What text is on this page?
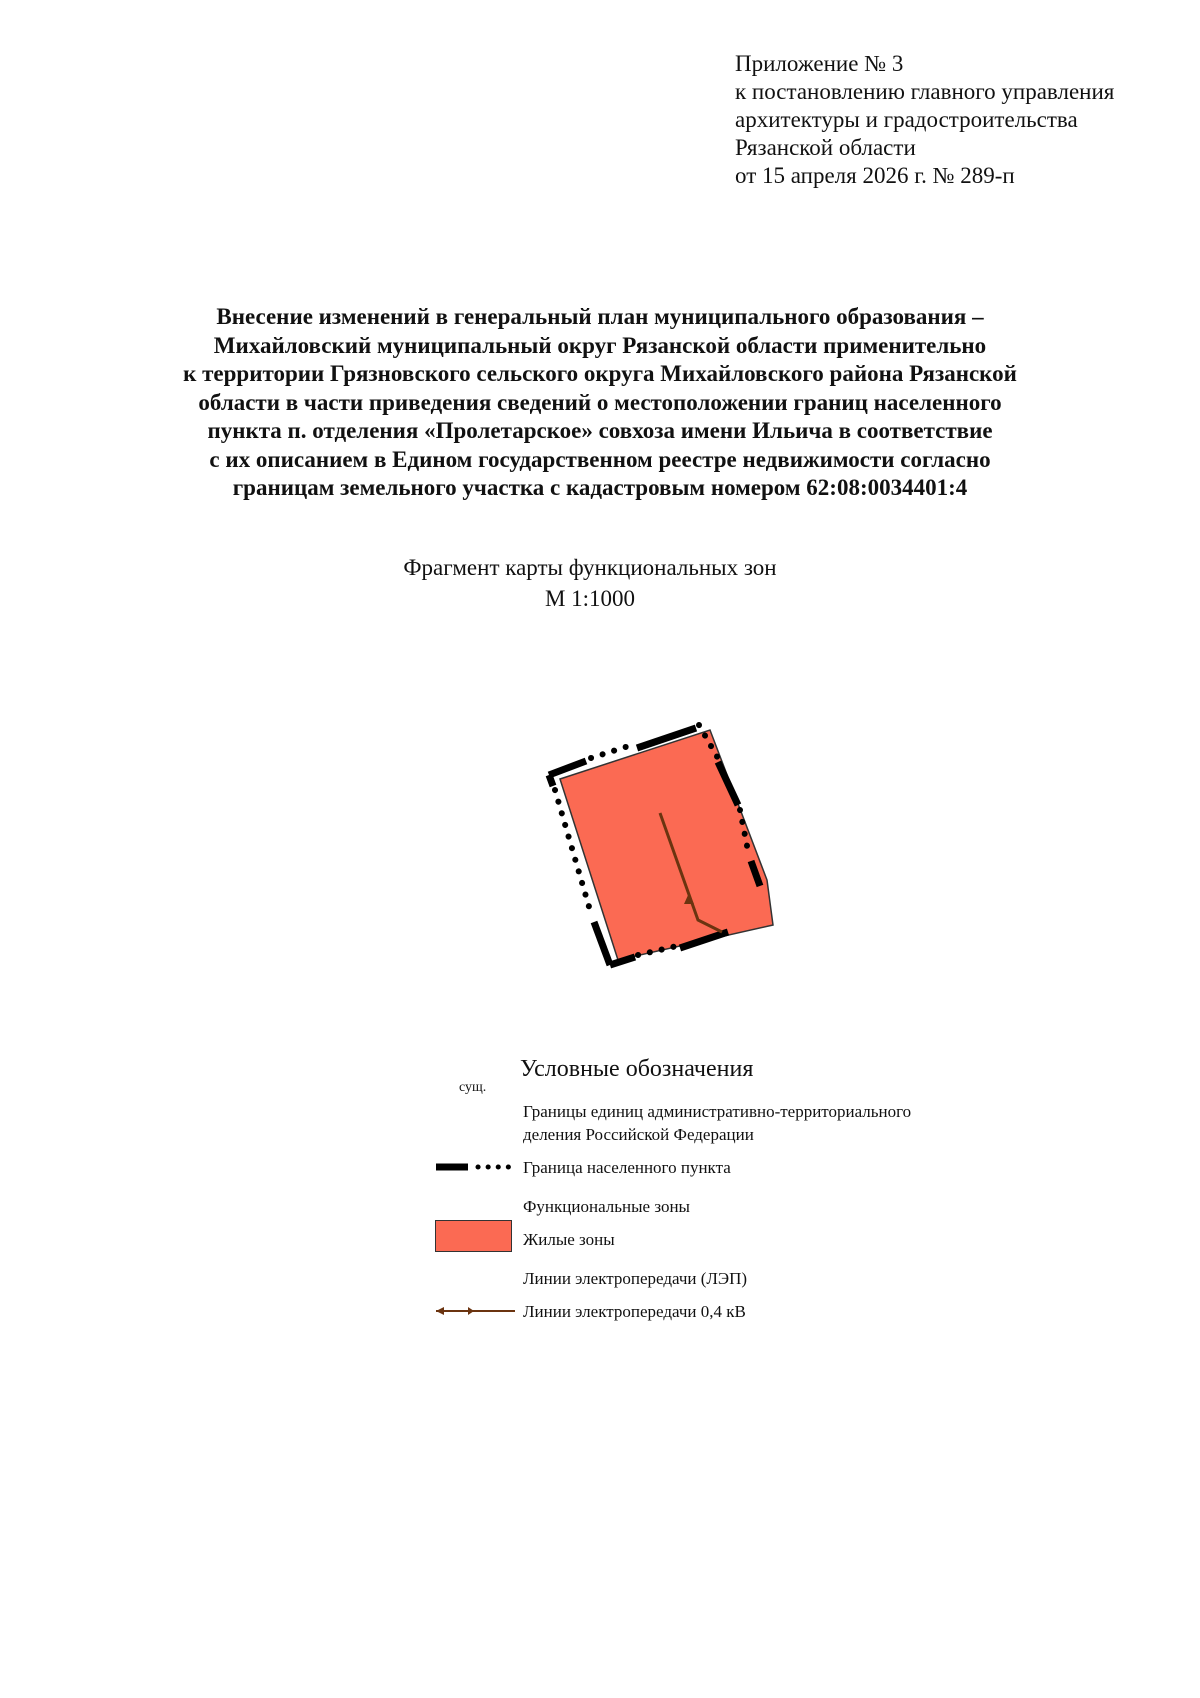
Приложение № 3
к постановлению главного управления
архитектуры и градостроительства
Рязанской области
от 15 апреля 2026 г. № 289-п
Внесение изменений в генеральный план муниципального образования –
Михайловский муниципальный округ Рязанской области применительно
к территории Грязновского сельского округа Михайловского района Рязанской
области в части приведения сведений о местоположении границ населенного
пункта п. отделения «Пролетарское» совхоза имени Ильича в соответствие
с их описанием в Едином государственном реестре недвижимости согласно
границам земельного участка с кадастровым номером 62:08:0034401:4
Фрагмент карты функциональных зон
М 1:1000
Условные обозначения
сущ.
Границы единиц административно-территориального
деления Российской Федерации
Граница населенного пункта
Функциональные зоны
Жилые зоны
Линии электропередачи (ЛЭП)
Линии электропередачи 0,4 кВ
